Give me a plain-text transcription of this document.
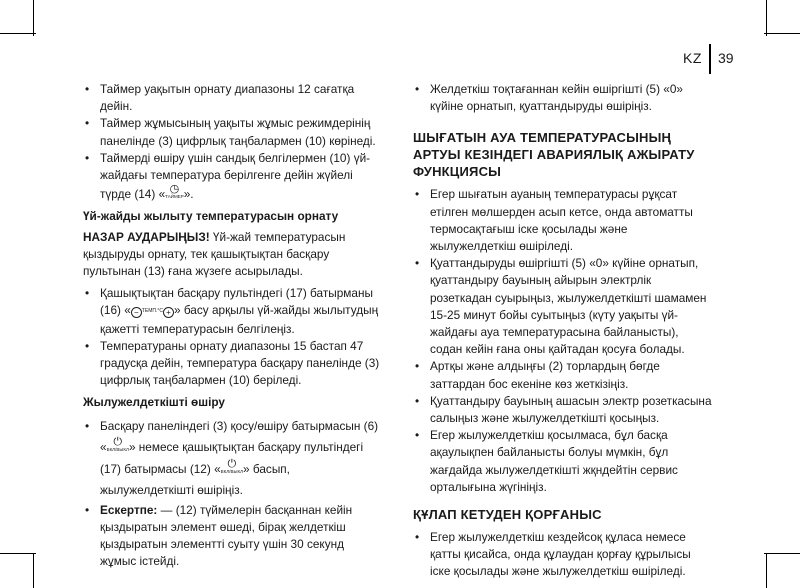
KZ 39
• Таймер уақытын орнату диапазоны 12 сағатқа дейін.
• Таймер жұмысының уақыты жұмыс режимдерінің панелінде (3) цифрлық таңбалармен (10) көрінеді.
• Таймерді өшіру үшін сандық белгілермен (10) үй-жайдағы температура берілгенге дейін жүйелі түрде (14) « ◷
ТАЙМЕР ».

Үй-жайды жылыту температурасын орнату

НАЗАР АУДАРЫҢЫЗ! Үй-жай температурасын қыздыруды орнату, тек қашықтықтан басқару пультынан (13) ғана жүзеге асырылады.

• Қашықтықтан басқару пультіндегі (17) батырманы (16) « − ТЕМП.°С + » басу арқылы үй-жайды жылытудың қажетті температурасын белгілеңіз.
• Температураны орнату диапазоны 15 бастап 47 градусқа дейін, температура басқару панелінде (3) цифрлық таңбалармен (10) беріледі.

Жылужелдеткішті өшіру

• Басқару панеліндегі (3) қосу/өшіру батырмасын (6) « ⏻
ВКЛ/ВЫКЛ » немесе қашықтықтан басқару пультіндегі (17) батырмасы (12) « ⏻
ВКЛ/ВЫКЛ » басып, жылужелдеткішті өшіріңіз.
• Ескертпе: — (12) түймелерін басқаннан кейін қыздыратын элемент өшеді, бірақ желдеткіш қыздыратын элементті суыту үшін 30 секунд жұмыс істейді.
• Желдеткіш тоқтағаннан кейін өшіргішті (5) «0» күйіне орнатып, қуаттандыруды өшіріңіз.

ШЫҒАТЫН АУА ТЕМПЕРАТУРАСЫНЫҢ АРТУЫ КЕЗІНДЕГІ АВАРИЯЛЫҚ АЖЫРАТУ ФУНКЦИЯСЫ

• Егер шығатын ауаның температурасы рұқсат етілген мөлшерден асып кетсе, онда автоматты термосақтағыш іске қосылады және жылужелдеткіш өшіріледі.
• Қуаттандыруды өшіргішті (5) «0» күйіне орнатып, қуаттандыру бауының айырын электрлік розеткадан суырыңыз, жылужелдеткішті шамамен 15-25 минут бойы суытыңыз (күту уақыты үй-жайдағы ауа температурасына байланысты), содан кейін ғана оны қайтадан қосуға болады.
• Артқы және алдыңғы (2) торлардың бөгде заттардан бос екеніне көз жеткізіңіз.
• Қуаттандыру бауының ашасын электр розеткасына салыңыз және жылужелдеткішті қосыңыз.
• Егер жылужелдеткіш қосылмаса, бұл басқа ақаулықпен байланысты болуы мүмкін, бұл жағдайда жылужелдеткішті жқндейтін сервис орталығына жүгініңіз.

ҚҰЛАП КЕТУДЕН ҚОРҒАНЫС

• Егер жылужелдеткіш кездейсоқ құласа немесе қатты қисайса, онда құлаудан қорғау құрылысы іске қосылады және жылужелдеткіш өшіріледі.
